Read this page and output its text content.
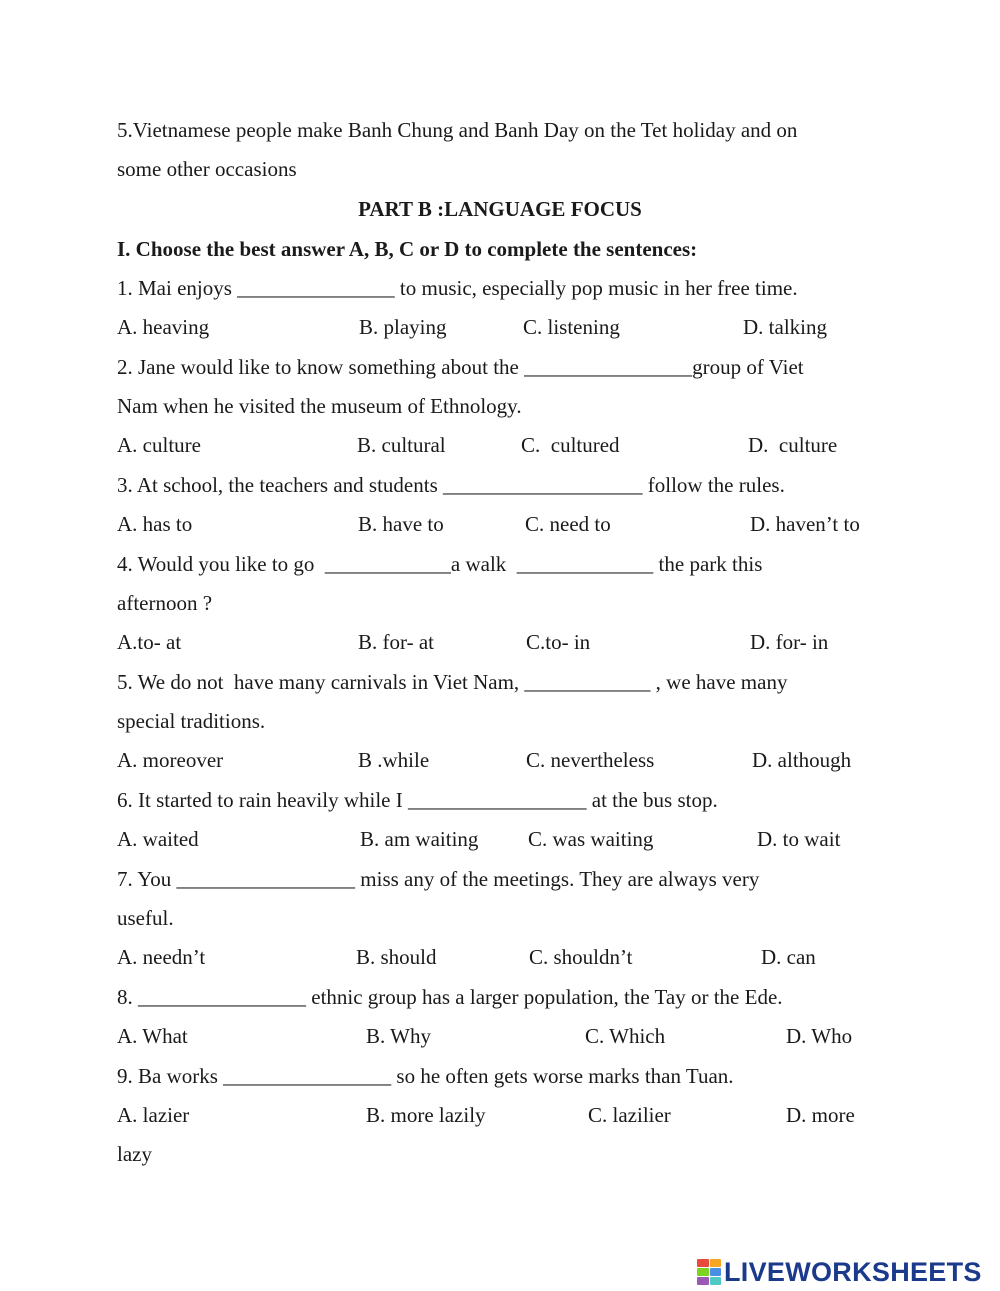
5.Vietnamese people make Banh Chung and Banh Day on the Tet holiday and on

some other occasions

PART B :LANGUAGE FOCUS

I. Choose the best answer A, B, C or D to complete the sentences:

1. Mai enjoys _______________ to music, especially pop music in her free time.

A. heaving	B. playing	C. listening	D. talking

2. Jane would like to know something about the ________________group of Viet

Nam when he visited the museum of Ethnology.

A. culture	B. cultural	C.  cultured	D.  culture

3. At school, the teachers and students ___________________ follow the rules.

A. has to	B. have to	C. need to	D. haven’t to

4. Would you like to go  ____________a walk  _____________ the park this

afternoon ?

A.to- at	B. for- at	C.to- in	D. for- in

5. We do not  have many carnivals in Viet Nam, ____________ , we have many

special traditions.

A. moreover	B .while	C. nevertheless	D. although

6. It started to rain heavily while I _________________ at the bus stop.

A. waited	B. am waiting C. was waiting	D. to wait

7. You _________________ miss any of the meetings. They are always very

useful.

A. needn’t	B. should	C. shouldn’t	D. can

8. ________________ ethnic group has a larger population, the Tay or the Ede.

A. What	B. Why	C. Which	D. Who

9. Ba works ________________ so he often gets worse marks than Tuan.

A. lazier	B. more lazily	C. lazilier	D. more

lazy

LIVEWORKSHEETS
